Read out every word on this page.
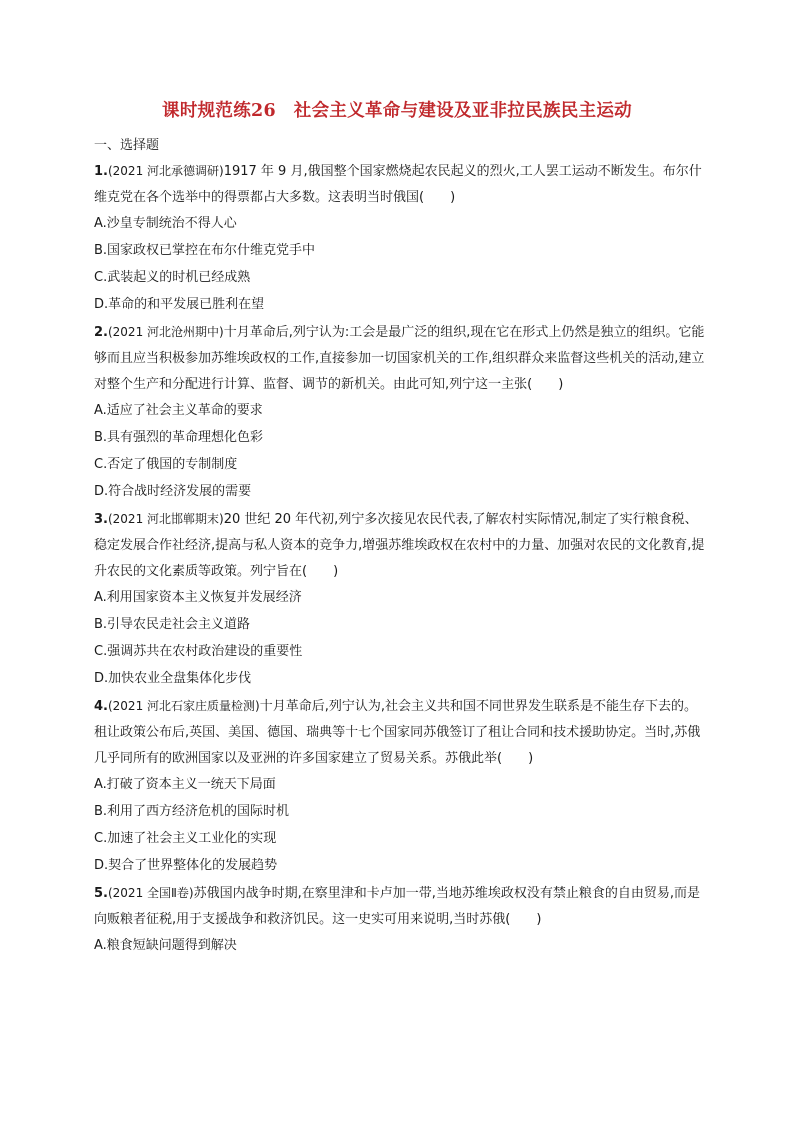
课时规范练26　社会主义革命与建设及亚非拉民族民主运动
一、选择题

1.(2021 河北承德调研)1917 年 9 月,俄国整个国家燃烧起农民起义的烈火,工人罢工运动不断发生。布尔什维克党在各个选举中的得票都占大多数。这表明当时俄国(　　)

A.沙皇专制统治不得人心

B.国家政权已掌控在布尔什维克党手中

C.武装起义的时机已经成熟

D.革命的和平发展已胜利在望

2.(2021 河北沧州期中)十月革命后,列宁认为:工会是最广泛的组织,现在它在形式上仍然是独立的组织。它能够而且应当积极参加苏维埃政权的工作,直接参加一切国家机关的工作,组织群众来监督这些机关的活动,建立对整个生产和分配进行计算、监督、调节的新机关。由此可知,列宁这一主张(　　)

A.适应了社会主义革命的要求

B.具有强烈的革命理想化色彩

C.否定了俄国的专制制度

D.符合战时经济发展的需要

3.(2021 河北邯郸期末)20 世纪 20 年代初,列宁多次接见农民代表,了解农村实际情况,制定了实行粮食税、稳定发展合作社经济,提高与私人资本的竞争力,增强苏维埃政权在农村中的力量、加强对农民的文化教育,提升农民的文化素质等政策。列宁旨在(　　)

A.利用国家资本主义恢复并发展经济

B.引导农民走社会主义道路

C.强调苏共在农村政治建设的重要性

D.加快农业全盘集体化步伐

4.(2021 河北石家庄质量检测)十月革命后,列宁认为,社会主义共和国不同世界发生联系是不能生存下去的。租让政策公布后,英国、美国、德国、瑞典等十七个国家同苏俄签订了租让合同和技术援助协定。当时,苏俄几乎同所有的欧洲国家以及亚洲的许多国家建立了贸易关系。苏俄此举(　　)

A.打破了资本主义一统天下局面

B.利用了西方经济危机的国际时机

C.加速了社会主义工业化的实现

D.契合了世界整体化的发展趋势

5.(2021 全国Ⅱ卷)苏俄国内战争时期,在察里津和卡卢加一带,当地苏维埃政权没有禁止粮食的自由贸易,而是向贩粮者征税,用于支援战争和救济饥民。这一史实可用来说明,当时苏俄(　　)

A.粮食短缺问题得到解决
